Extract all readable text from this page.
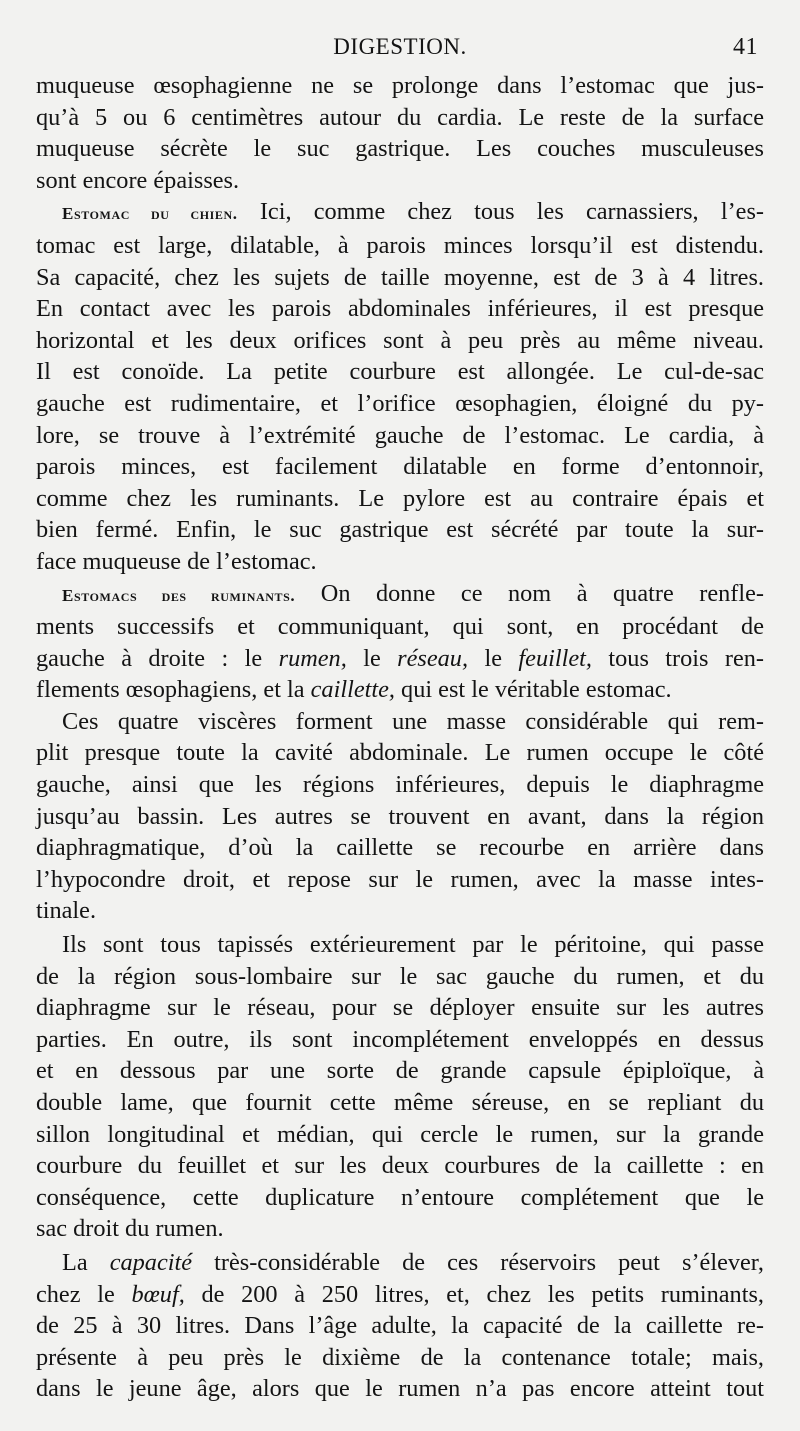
DIGESTION.	41

muqueuse œsophagienne ne se prolonge dans l’estomac que jus-

qu’à 5 ou 6 centimètres autour du cardia. Le reste de la surface

muqueuse sécrète le suc gastrique. Les couches musculeuses

sont encore épaisses.

Estomac du chien. Ici, comme chez tous les carnassiers, l’es-

tomac est large, dilatable, à parois minces lorsqu’il est distendu.

Sa capacité, chez les sujets de taille moyenne, est de 3 à 4 litres.

En contact avec les parois abdominales inférieures, il est presque

horizontal et les deux orifices sont à peu près au même niveau.

Il est conoïde. La petite courbure est allongée. Le cul-de-sac

gauche est rudimentaire, et l’orifice œsophagien, éloigné du py-

lore, se trouve à l’extrémité gauche de l’estomac. Le cardia, à

parois minces, est facilement dilatable en forme d’entonnoir,

comme chez les ruminants. Le pylore est au contraire épais et

bien fermé. Enfin, le suc gastrique est sécrété par toute la sur-

face muqueuse de l’estomac.

Estomacs des ruminants. On donne ce nom à quatre renfle-

ments successifs et communiquant, qui sont, en procédant de

gauche à droite : le rumen, le réseau, le feuillet, tous trois ren-

flements œsophagiens, et la caillette, qui est le véritable estomac.

Ces quatre viscères forment une masse considérable qui rem-

plit presque toute la cavité abdominale. Le rumen occupe le côté

gauche, ainsi que les régions inférieures, depuis le diaphragme

jusqu’au bassin. Les autres se trouvent en avant, dans la région

diaphragmatique, d’où la caillette se recourbe en arrière dans

l’hypocondre droit, et repose sur le rumen, avec la masse intes-

tinale.

Ils sont tous tapissés extérieurement par le péritoine, qui passe

de la région sous-lombaire sur le sac gauche du rumen, et du

diaphragme sur le réseau, pour se déployer ensuite sur les autres

parties. En outre, ils sont incomplétement enveloppés en dessus

et en dessous par une sorte de grande capsule épiploïque, à

double lame, que fournit cette même séreuse, en se repliant du

sillon longitudinal et médian, qui cercle le rumen, sur la grande

courbure du feuillet et sur les deux courbures de la caillette : en

conséquence, cette duplicature n’entoure complétement que le

sac droit du rumen.

La capacité très-considérable de ces réservoirs peut s’élever,

chez le bœuf, de 200 à 250 litres, et, chez les petits ruminants,

de 25 à 30 litres. Dans l’âge adulte, la capacité de la caillette re-

présente à peu près le dixième de la contenance totale; mais,

dans le jeune âge, alors que le rumen n’a pas encore atteint tout
